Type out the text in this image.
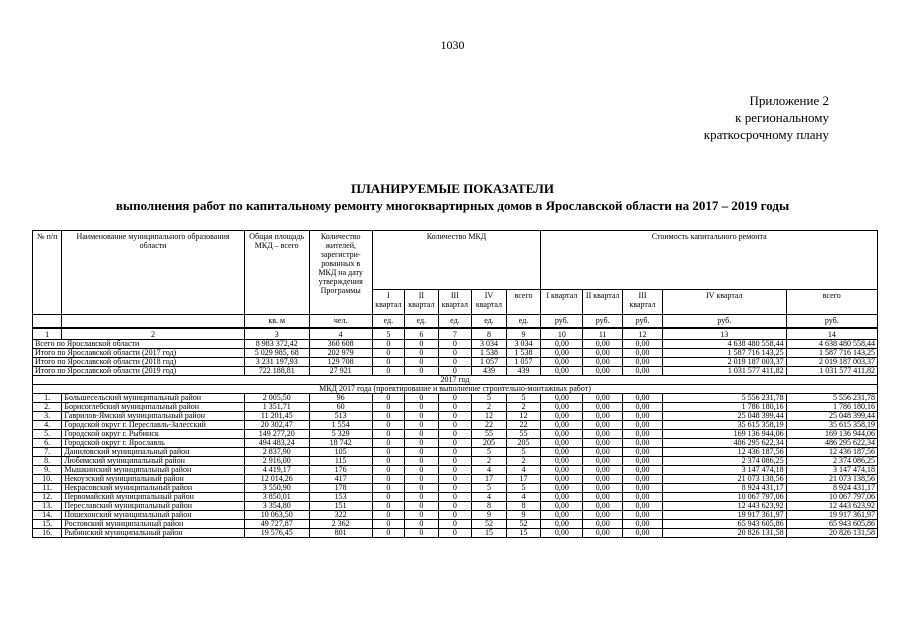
1030
Приложение 2
к региональному
краткосрочному плану
ПЛАНИРУЕМЫЕ ПОКАЗАТЕЛИ
выполнения работ по капитальному ремонту многоквартирных домов в Ярославской области на 2017 – 2019 годы
№ п/п	Наименование муниципального образования области	Общая площадь МКД – всего	Количество жителей, зарегистри-рованных в МКД на дату утверждения Программы	Количество МКД					Стоимость капитального ремонта				
				I квартал	II квартал	III квартал	IV квартал	всего	I квартал	II квартал	III квартал	IV квартал	всего
		кв. м	чел.	ед.	ед.	ед.	ед.	ед.	руб.	руб.	руб.	руб.	руб.
1	2	3	4	5	6	7	8	9	10	11	12	13	14
Всего по Ярославской области		8 983 372,42	360 608	0	0	0	3 034	3 034	0,00	0,00	0,00	4 638 480 558,44	4 638 480 558,44
Итого по Ярославской области (2017 год)		5 029 985, 68	202 979	0	0	0	1 538	1 538	0,00	0,00	0,00	1 587 716 143,25	1 587 716 143,25
Итого по Ярославской области (2018 год)		3 231 197,93	129 708	0	0	0	1 057	1 057	0,00	0,00	0,00	2 019 187 003,37	2 019 187 003,37
Итого по Ярославской области (2019 год)		722 188,81	27 921	0	0	0	439	439	0,00	0,00	0,00	1 031 577 411,82	1 031 577 411,82
2017 год													
МКД 2017 года (проектирование и выполнение строительно-монтажных работ)													
1.	Большесельский муниципальный район	2 005,50	96	0	0	0	5	5	0,00	0,00	0,00	5 556 231,78	5 556 231,78
2.	Борисоглебский муниципальный район	1 351,71	60	0	0	0	2	2	0,00	0,00	0,00	1 786 180,16	1 786 180,16
3.	Гаврилов-Ямский муниципальный район	11 201,45	513	0	0	0	12	12	0,00	0,00	0,00	25 048 399,44	25 048 399,44
4.	Городской округ г. Переславль-Залесский	20 302,47	1 554	0	0	0	22	22	0,00	0,00	0,00	35 615 358,19	35 615 358,19
5.	Городской округ г. Рыбинск	149 277,20	5 329	0	0	0	55	55	0,00	0,00	0,00	169 136 944,06	169 136 944,06
6.	Городской округ г. Ярославль	494 483,24	18 742	0	0	0	205	205	0,00	0,00	0,00	486 295 622,34	486 295 622,34
7.	Даниловский муниципальный район	2 837,90	105	0	0	0	5	5	0,00	0,00	0,00	12 436 187,56	12 436 187,56
8.	Любимский муниципальный район	2 916,00	115	0	0	0	2	2	0,00	0,00	0,00	2 374 086,25	2 374 086,25
9.	Мышкинский муниципальный район	4 419,17	176	0	0	0	4	4	0,00	0,00	0,00	3 147 474,18	3 147 474,18
10.	Некоузский муниципальный район	12 014,26	417	0	0	0	17	17	0,00	0,00	0,00	21 073 138,56	21 073 138,56
11.	Некрасовский муниципальный район	3 550,90	178	0	0	0	5	5	0,00	0,00	0,00	8 924 431,17	8 924 431,17
12.	Первомайский муниципальный район	3 850,01	153	0	0	0	4	4	0,00	0,00	0,00	10 067 797,06	10 067 797,06
13.	Переславский муниципальный район	3 354,80	151	0	0	0	8	8	0,00	0,00	0,00	12 443 623,92	12 443 623,92
14.	Пошехонский муниципальный район	10 063,50	322	0	0	0	9	9	0,00	0,00	0,00	19 917 361,97	19 917 361,97
15.	Ростовский муниципальный район	49 727,87	2 362	0	0	0	52	52	0,00	0,00	0,00	65 943 605,86	65 943 605,86
16.	Рыбинский муниципальный район	19 576,45	801	0	0	0	15	15	0,00	0,00	0,00	20 826 131,58	20 826 131,58
